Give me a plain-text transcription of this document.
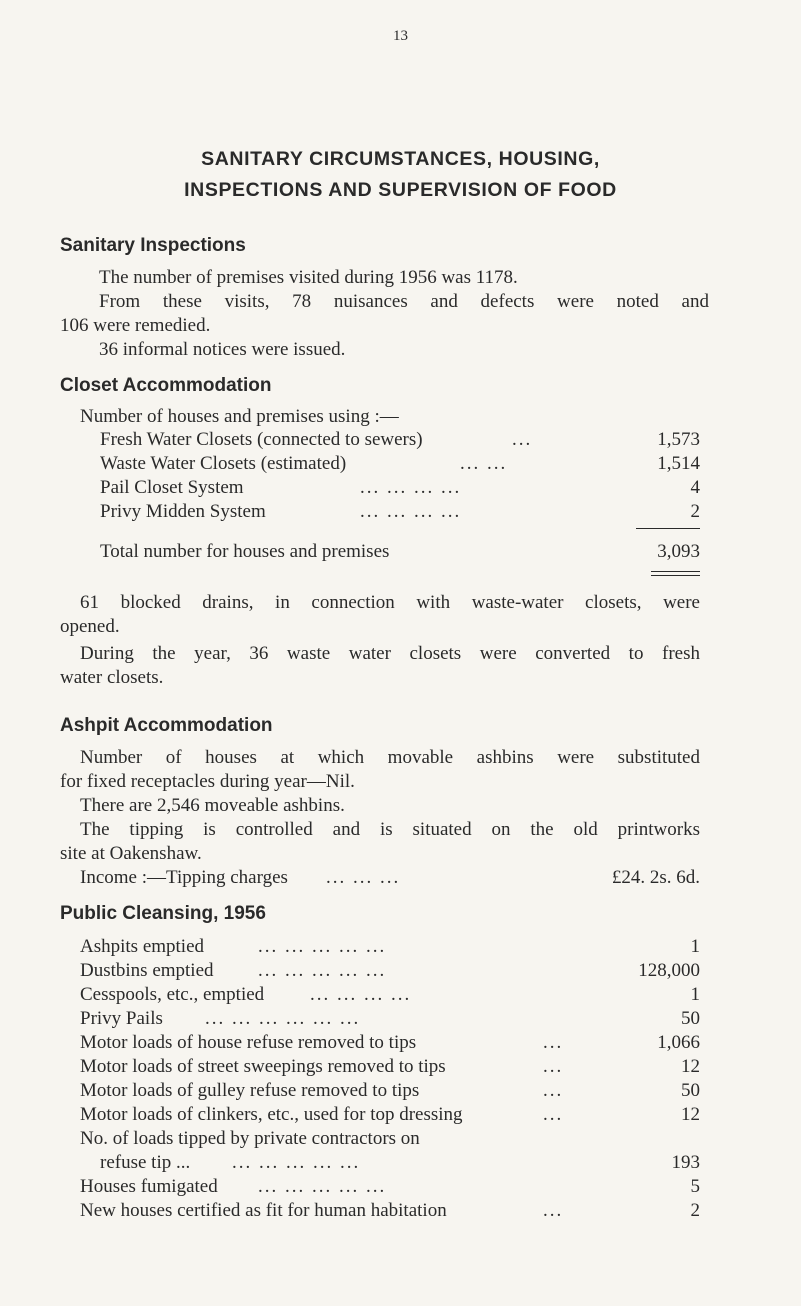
13
SANITARY CIRCUMSTANCES, HOUSING,
INSPECTIONS AND SUPERVISION OF FOOD
Sanitary Inspections
The number of premises visited during 1956 was 1178.
From these visits, 78 nuisances and defects were noted and
106 were remedied.
36 informal notices were issued.
Closet Accommodation
Number of houses and premises using :—
Fresh Water Closets (connected to sewers)	...	1,573
Waste Water Closets (estimated)	... ...	1,514
Pail Closet System	... ... ... ...	4
Privy Midden System	... ... ... ...	2
Total number for houses and premises	3,093
61 blocked drains, in connection with waste-water closets, were
opened.
During the year, 36 waste water closets were converted to fresh
water closets.
Ashpit Accommodation
Number of houses at which movable ashbins were substituted
for fixed receptacles during year—Nil.
There are 2,546 moveable ashbins.
The tipping is controlled and is situated on the old printworks
site at Oakenshaw.
Income :—Tipping charges ... ... ...	£24. 2s. 6d.
Public Cleansing, 1956
Ashpits emptied	... ... ... ... ...	1
Dustbins emptied ... ... ... ... ...	128,000
Cesspools, etc., emptied ... ... ... ...	1
Privy Pails ... ... ... ... ... ...	50
Motor loads of house refuse removed to tips	...	1,066
Motor loads of street sweepings removed to tips	...	12
Motor loads of gulley refuse removed to tips	...	50
Motor loads of clinkers, etc., used for top dressing	...	12
No. of loads tipped by private contractors on
refuse tip ... ... ... ... ... ...	193
Houses fumigated ... ... ... ... ...	5
New houses certified as fit for human habitation	...	2
